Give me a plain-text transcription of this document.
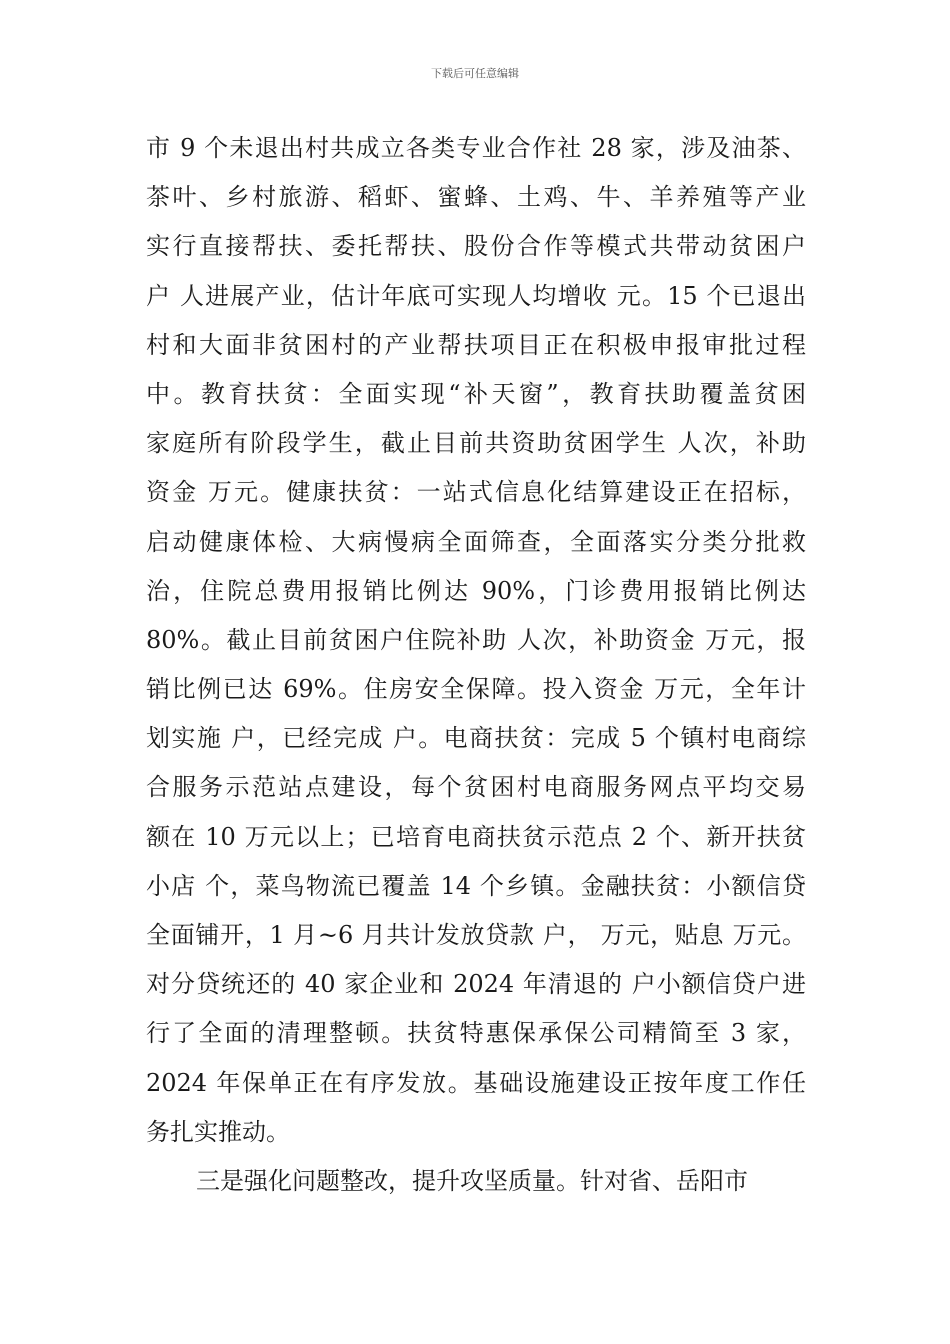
下载后可任意编辑
市 9 个未退出村共成立各类专业合作社 28 家，涉及油茶、
茶叶、乡村旅游、稻虾、蜜蜂、土鸡、牛、羊养殖等产业
实行直接帮扶、委托帮扶、股份合作等模式共带动贫困户
户 人进展产业，估计年底可实现人均增收 元。15 个已退出
村和大面非贫困村的产业帮扶项目正在积极申报审批过程
中。教育扶贫：全面实现“补天窗”，教育扶助覆盖贫困
家庭所有阶段学生，截止目前共资助贫困学生 人次，补助
资金 万元。健康扶贫：一站式信息化结算建设正在招标，
启动健康体检、大病慢病全面筛查，全面落实分类分批救
治，住院总费用报销比例达 90%，门诊费用报销比例达
80%。截止目前贫困户住院补助 人次，补助资金 万元，报
销比例已达 69%。住房安全保障。投入资金 万元，全年计
划实施 户，已经完成 户。电商扶贫：完成 5 个镇村电商综
合服务示范站点建设，每个贫困村电商服务网点平均交易
额在 10 万元以上；已培育电商扶贫示范点 2 个、新开扶贫
小店 个，菜鸟物流已覆盖 14 个乡镇。金融扶贫：小额信贷
全面铺开，1 月~6 月共计发放贷款 户， 万元，贴息 万元。
对分贷统还的 40 家企业和 2024 年清退的 户小额信贷户进
行了全面的清理整顿。扶贫特惠保承保公司精简至 3 家，
2024 年保单正在有序发放。基础设施建设正按年度工作任
务扎实推动。
三是强化问题整改，提升攻坚质量。针对省、岳阳市
